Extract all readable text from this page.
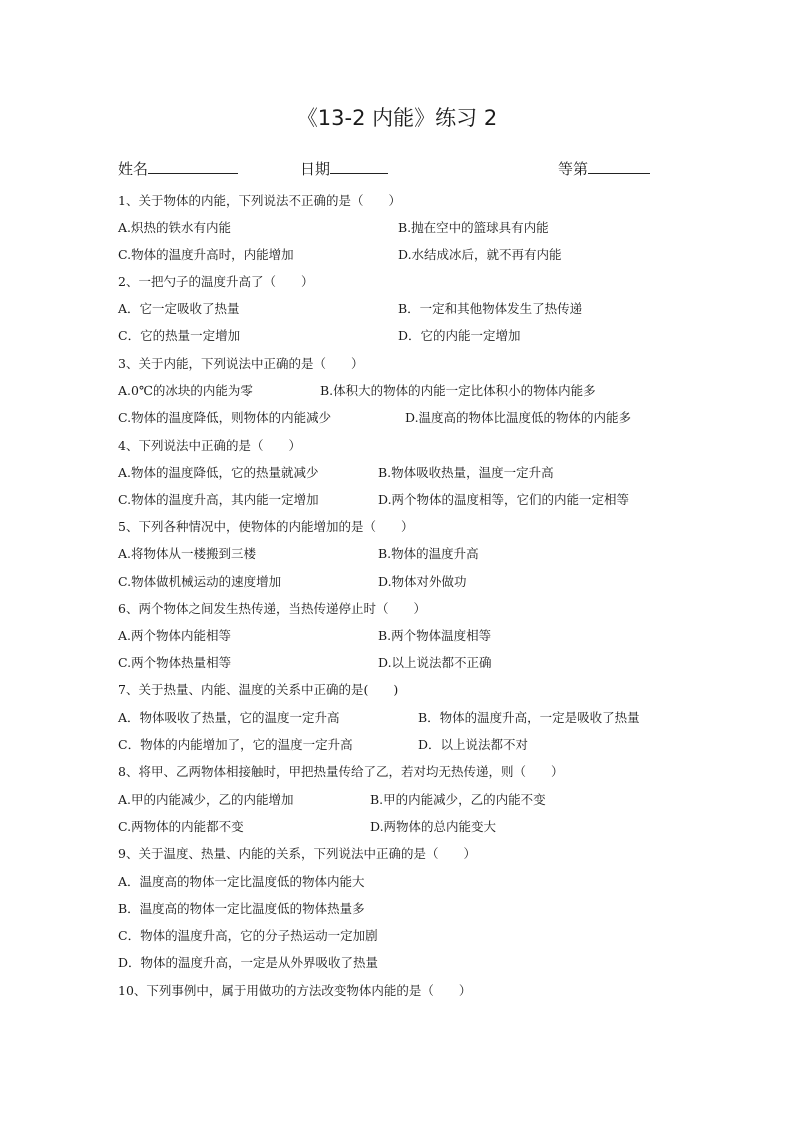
《13-2 内能》练习 2
姓名	日期	等第
1、关于物体的内能，下列说法不正确的是（　　）
A.炽热的铁水有内能	B.抛在空中的篮球具有内能
C.物体的温度升高时，内能增加	D.水结成冰后，就不再有内能
2、一把勺子的温度升高了（　　）
A．它一定吸收了热量	B．一定和其他物体发生了热传递
C．它的热量一定增加	D．它的内能一定增加
3、关于内能，下列说法中正确的是（　　）
A.0℃的冰块的内能为零	B.体积大的物体的内能一定比体积小的物体内能多
C.物体的温度降低，则物体的内能减少	D.温度高的物体比温度低的物体的内能多
4、下列说法中正确的是（　　）
A.物体的温度降低，它的热量就减少	B.物体吸收热量，温度一定升高
C.物体的温度升高，其内能一定增加	D.两个物体的温度相等，它们的内能一定相等
5、下列各种情况中，使物体的内能增加的是（　　）
A.将物体从一楼搬到三楼	B.物体的温度升高
C.物体做机械运动的速度增加	D.物体对外做功
6、两个物体之间发生热传递，当热传递停止时（　　）
A.两个物体内能相等	B.两个物体温度相等
C.两个物体热量相等	D.以上说法都不正确
7、关于热量、内能、温度的关系中正确的是(　　)
A．物体吸收了热量，它的温度一定升高	B．物体的温度升高，一定是吸收了热量
C．物体的内能增加了，它的温度一定升高	D．以上说法都不对
8、将甲、乙两物体相接触时，甲把热量传给了乙，若对均无热传递，则（　　）
A.甲的内能减少，乙的内能增加	B.甲的内能减少，乙的内能不变
C.两物体的内能都不变	D.两物体的总内能变大
9、关于温度、热量、内能的关系，下列说法中正确的是（　　）
A．温度高的物体一定比温度低的物体内能大
B．温度高的物体一定比温度低的物体热量多
C．物体的温度升高，它的分子热运动一定加剧
D．物体的温度升高，一定是从外界吸收了热量
10、下列事例中，属于用做功的方法改变物体内能的是（　　）
